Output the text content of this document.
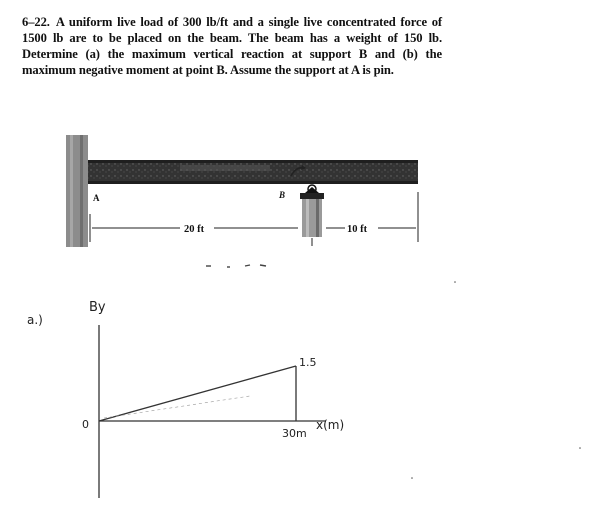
6–22. A uniform live load of 300 lb/ft and a single live concentrated force of 1500 lb are to be placed on the beam. The beam has a weight of 150 lb. Determine (a) the maximum vertical reaction at support B and (b) the maximum negative moment at point B. Assume the support at A is pin.
A	B
20 ft	10 ft
a.)
By
0
1.5
30m
x(m)
